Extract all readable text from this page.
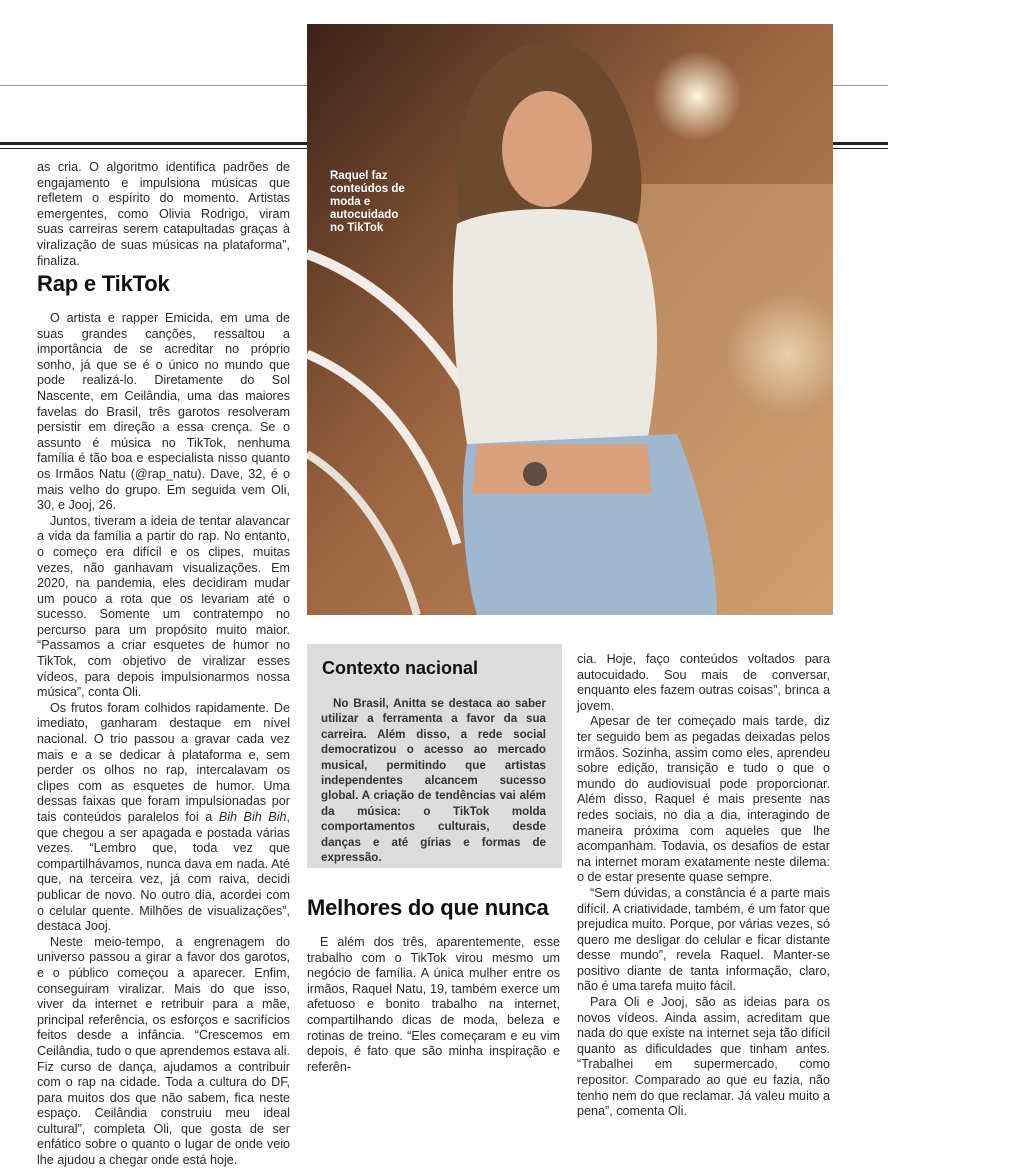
Raquel faz conteúdos de moda e autocuidado no TikTok

as cria. O algoritmo identifica padrões de engajamento e impulsiona músicas que refletem o espírito do momento. Artistas emergentes, como Olivia Rodrigo, viram suas carreiras serem catapultadas graças à viralização de suas músicas na plataforma”, finaliza.

Rap e TikTok

O artista e rapper Emicida, em uma de suas grandes canções, ressaltou a importância de se acreditar no próprio sonho, já que se é o único no mundo que pode realizá-lo. Diretamente do Sol Nascente, em Ceilândia, uma das maiores favelas do Brasil, três garotos resolveram persistir em direção a essa crença. Se o assunto é música no TikTok, nenhuma família é tão boa e especialista nisso quanto os Irmãos Natu (@rap_natu). Dave, 32, é o mais velho do grupo. Em seguida vem Oli, 30, e Jooj, 26.

Juntos, tiveram a ideia de tentar alavancar a vida da família a partir do rap. No entanto, o começo era difícil e os clipes, muitas vezes, não ganhavam visualizações. Em 2020, na pandemia, eles decidiram mudar um pouco a rota que os levariam até o sucesso. Somente um contratempo no percurso para um propósito muito maior. “Passamos a criar esquetes de humor no TikTok, com objetivo de viralizar esses vídeos, para depois impulsionarmos nossa música”, conta Oli.

Os frutos foram colhidos rapidamente. De imediato, ganharam destaque em nível nacional. O trio passou a gravar cada vez mais e a se dedicar à plataforma e, sem perder os olhos no rap, intercalavam os clipes com as esquetes de humor. Uma dessas faixas que foram impulsionadas por tais conteúdos paralelos foi a Bih Bih Bih, que chegou a ser apagada e postada várias vezes. “Lembro que, toda vez que compartilhávamos, nunca dava em nada. Até que, na terceira vez, já com raiva, decidi publicar de novo. No outro dia, acordei com o celular quente. Milhões de visualizações”, destaca Jooj.

Neste meio-tempo, a engrenagem do universo passou a girar a favor dos garotos, e o público começou a aparecer. Enfim, conseguiram viralizar. Mais do que isso, viver da internet e retribuir para a mãe, principal referência, os esforços e sacrifícios feitos desde a infância. “Crescemos em Ceilândia, tudo o que aprendemos estava ali. Fiz curso de dança, ajudamos a contribuir com o rap na cidade. Toda a cultura do DF, para muitos dos que não sabem, fica neste espaço. Ceilândia construiu meu ideal cultural”, completa Oli, que gosta de ser enfático sobre o quanto o lugar de onde veio lhe ajudou a chegar onde está hoje.

Contexto nacional

No Brasil, Anitta se destaca ao saber utilizar a ferramenta a favor da sua carreira. Além disso, a rede social democratizou o acesso ao mercado musical, permitindo que artistas independentes alcancem sucesso global. A criação de tendências vai além da música: o TikTok molda comportamentos culturais, desde danças e até gírias e formas de expressão.

Melhores do que nunca

E além dos três, aparentemente, esse trabalho com o TikTok virou mesmo um negócio de família. A única mulher entre os irmãos, Raquel Natu, 19, também exerce um afetuoso e bonito trabalho na internet, compartilhando dicas de moda, beleza e rotinas de treino. “Eles começaram e eu vim depois, é fato que são minha inspiração e referên-

cia. Hoje, faço conteúdos voltados para autocuidado. Sou mais de conversar, enquanto eles fazem outras coisas”, brinca a jovem.

Apesar de ter começado mais tarde, diz ter seguido bem as pegadas deixadas pelos irmãos. Sozinha, assim como eles, aprendeu sobre edição, transição e tudo o que o mundo do audiovisual pode proporcionar. Além disso, Raquel é mais presente nas redes sociais, no dia a dia, interagindo de maneira próxima com aqueles que lhe acompanham. Todavia, os desafios de estar na internet moram exatamente neste dilema: o de estar presente quase sempre.

“Sem dúvidas, a constância é a parte mais difícil. A criatividade, também, é um fator que prejudica muito. Porque, por várias vezes, só quero me desligar do celular e ficar distante desse mundo”, revela Raquel. Manter-se positivo diante de tanta informação, claro, não é uma tarefa muito fácil.

Para Oli e Jooj, são as ideias para os novos vídeos. Ainda assim, acreditam que nada do que existe na internet seja tão difícil quanto as dificuldades que tinham antes. “Trabalhei em supermercado, como repositor. Comparado ao que eu fazia, não tenho nem do que reclamar. Já valeu muito a pena”, comenta Oli.
